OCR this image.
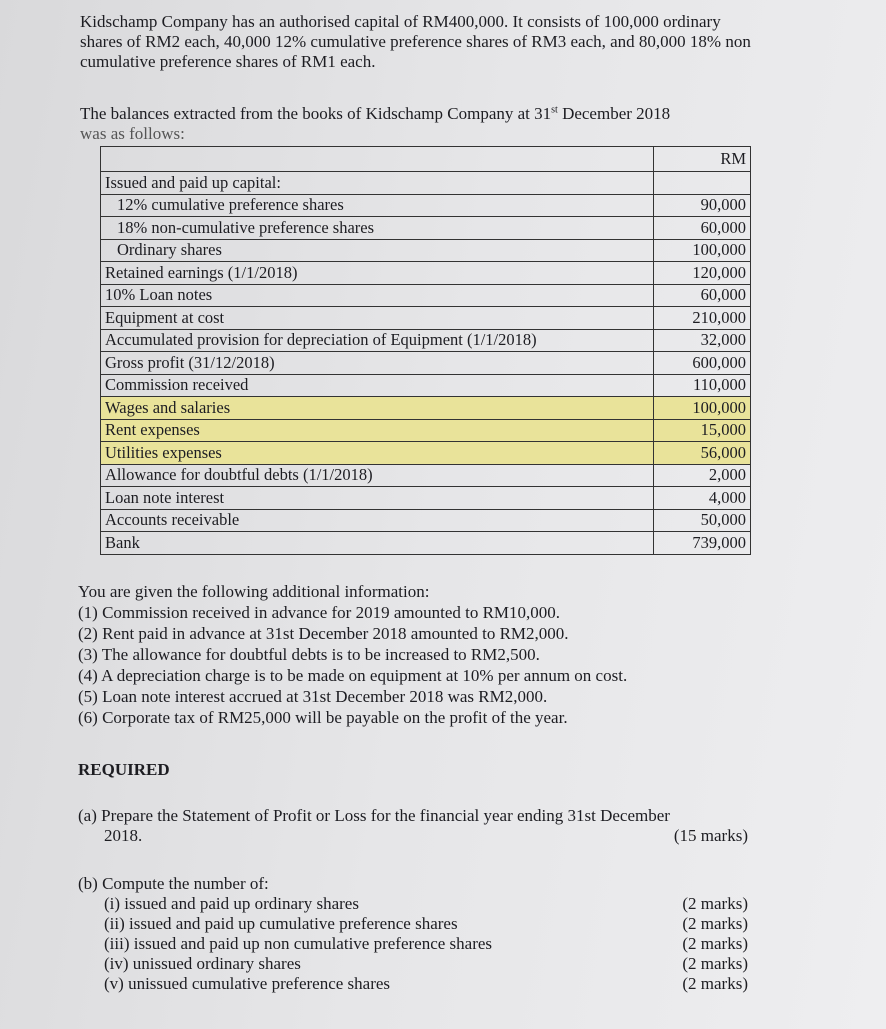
Kidschamp Company has an authorised capital of RM400,000. It consists of 100,000 ordinary shares of RM2 each, 40,000 12% cumulative preference shares of RM3 each, and 80,000 18% non cumulative preference shares of RM1 each.
The balances extracted from the books of Kidschamp Company at 31st December 2018
was as follows:
	RM
Issued and paid up capital:	
12% cumulative preference shares	90,000
18% non-cumulative preference shares	60,000
Ordinary shares	100,000
Retained earnings (1/1/2018)	120,000
10% Loan notes	60,000
Equipment at cost	210,000
Accumulated provision for depreciation of Equipment (1/1/2018)	32,000
Gross profit (31/12/2018)	600,000
Commission received	110,000
Wages and salaries	100,000
Rent expenses	15,000
Utilities expenses	56,000
Allowance for doubtful debts (1/1/2018)	2,000
Loan note interest	4,000
Accounts receivable	50,000
Bank	739,000
You are given the following additional information:
(1) Commission received in advance for 2019 amounted to RM10,000.
(2) Rent paid in advance at 31st December 2018 amounted to RM2,000.
(3) The allowance for doubtful debts is to be increased to RM2,500.
(4) A depreciation charge is to be made on equipment at 10% per annum on cost.
(5) Loan note interest accrued at 31st December 2018 was RM2,000.
(6) Corporate tax of RM25,000 will be payable on the profit of the year.
REQUIRED
(a) Prepare the Statement of Profit or Loss for the financial year ending 31st December
2018.	(15 marks)
(b) Compute the number of:
(i) issued and paid up ordinary shares	(2 marks)
(ii) issued and paid up cumulative preference shares	(2 marks)
(iii) issued and paid up non cumulative preference shares	(2 marks)
(iv) unissued ordinary shares	(2 marks)
(v) unissued cumulative preference shares	(2 marks)
